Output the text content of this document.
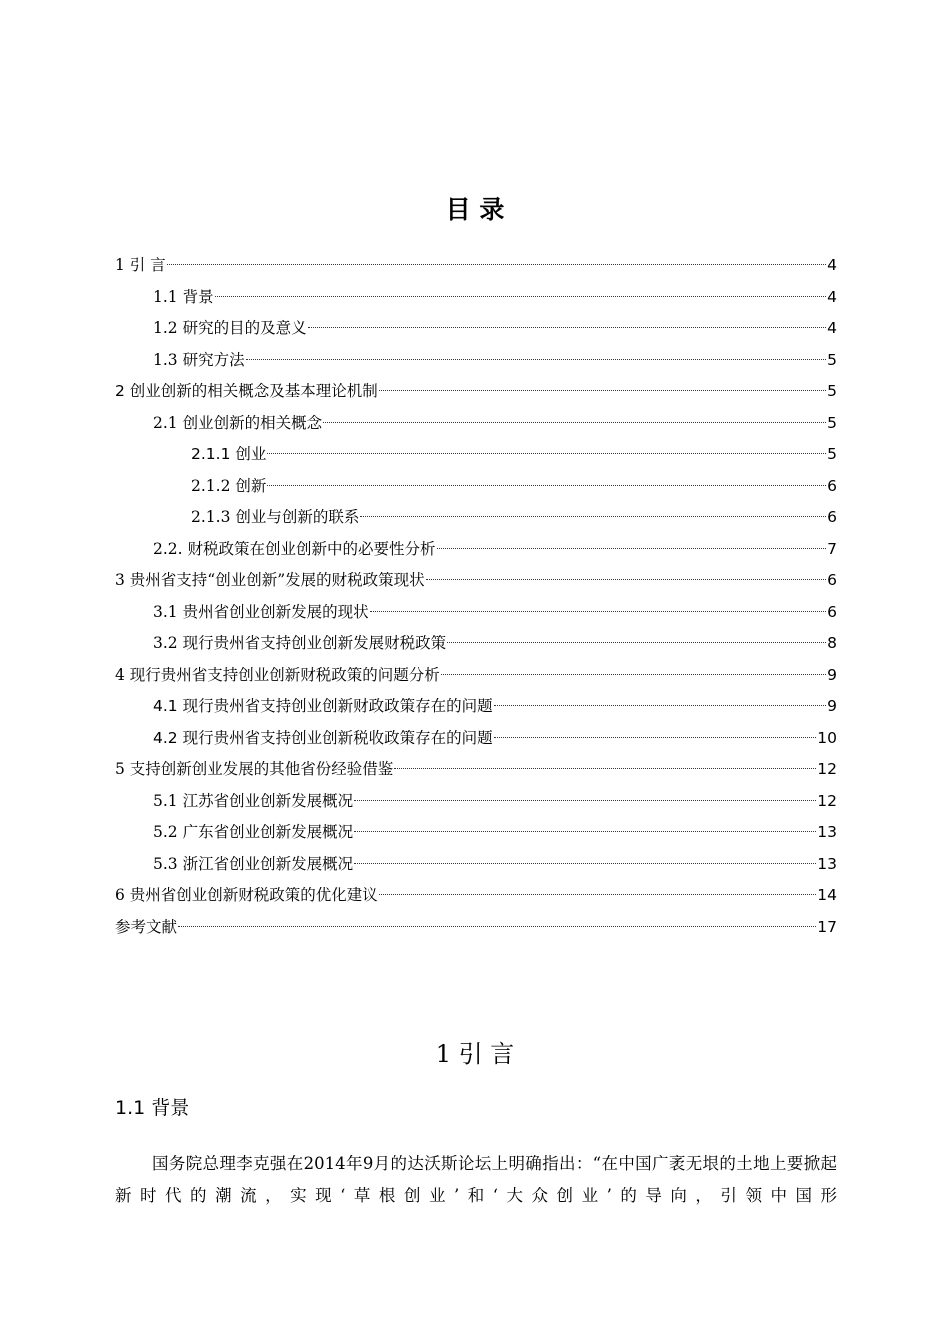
目 录
1 引 言	4
1.1 背景	4
1.2 研究的目的及意义	4
1.3 研究方法	5
2 创业创新的相关概念及基本理论机制	5
2.1 创业创新的相关概念	5
2.1.1 创业	5
2.1.2 创新	6
2.1.3 创业与创新的联系	6
2.2. 财税政策在创业创新中的必要性分析	7
3 贵州省支持“创业创新”发展的财税政策现状	6
3.1 贵州省创业创新发展的现状	6
3.2 现行贵州省支持创业创新发展财税政策	8
4 现行贵州省支持创业创新财税政策的问题分析	9
4.1 现行贵州省支持创业创新财政政策存在的问题	9
4.2 现行贵州省支持创业创新税收政策存在的问题	10
5 支持创新创业发展的其他省份经验借鉴	12
5.1 江苏省创业创新发展概况	12
5.2 广东省创业创新发展概况	13
5.3 浙江省创业创新发展概况	13
6 贵州省创业创新财税政策的优化建议	14
参考文献	17
1 引 言
1.1 背景
国务院总理李克强在2014年9月的达沃斯论坛上明确指出：“在中国广袤无垠的土地上要掀起新时代的潮流，实现‘草根创业’和‘大众创业’的导向，引领中国形
